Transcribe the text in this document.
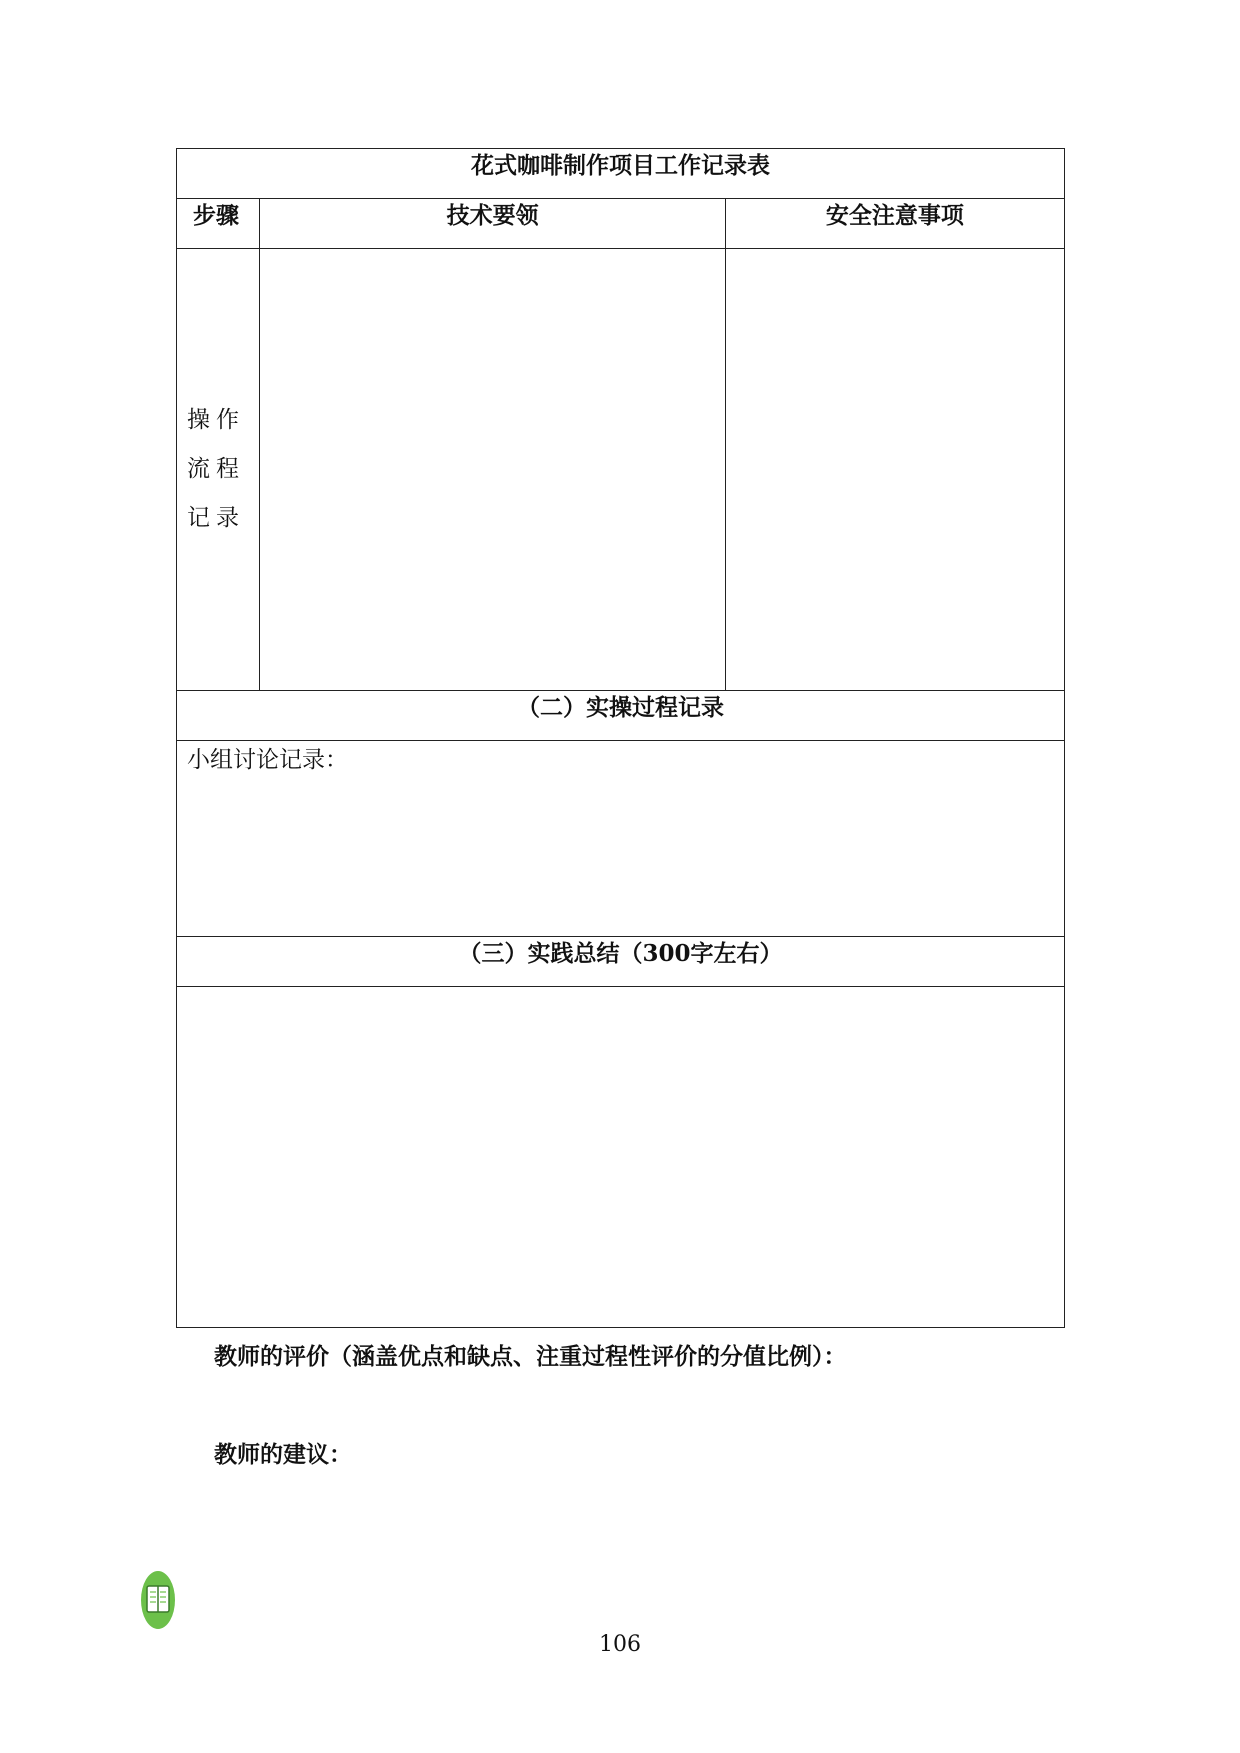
花式咖啡制作项目工作记录表		
步骤	技术要领	安全注意事项

操作流程记录		

（二）实操过程记录		

小组讨论记录：		

（三）实践总结（300字左右）		

教师的评价（涵盖优点和缺点、注重过程性评价的分值比例）：
教师的建议：
106
